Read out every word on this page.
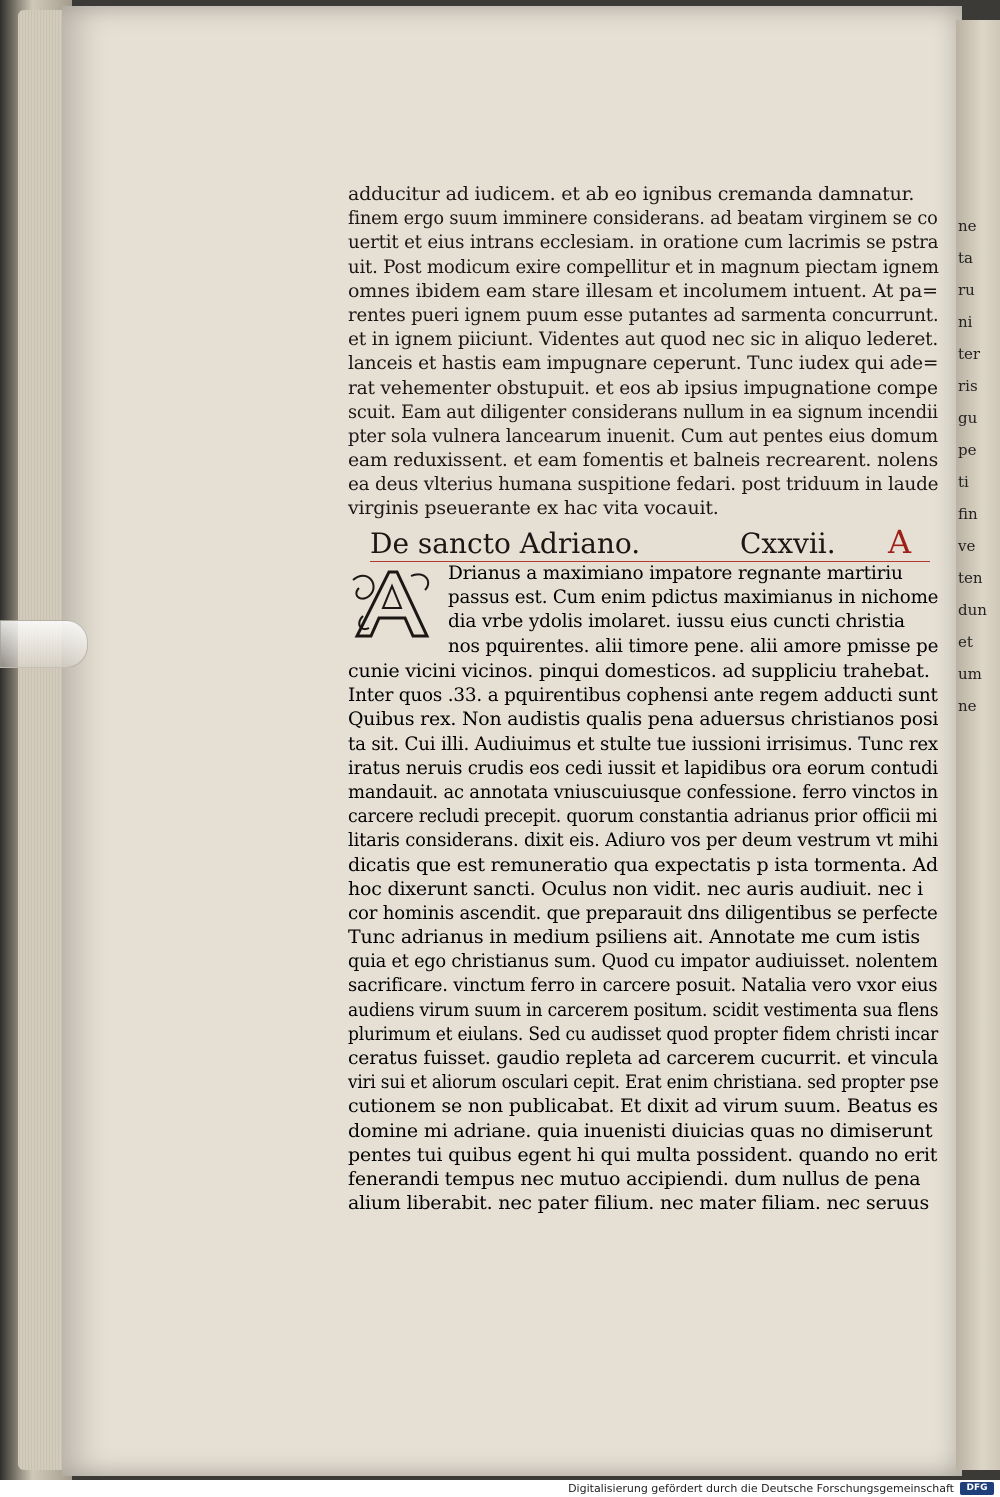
ne
ta
ru
ni
ter
ris
gu
pe
ti
fin
ve
ten
dun
et
um
ne
adducitur ad iudicem. et ab eo ignibus cremanda damnatur.
finem ergo suum imminere considerans. ad beatam virginem se co
uertit et eius intrans ecclesiam. in oratione cum lacrimis se pstra
uit. Post modicum exire compellitur et in magnum piectam ignem
omnes ibidem eam stare illesam et incolumem intuent. At pa=
rentes pueri ignem puum esse putantes ad sarmenta concurrunt.
et in ignem piiciunt. Videntes aut quod nec sic in aliquo lederet.
lanceis et hastis eam impugnare ceperunt. Tunc iudex qui ade=
rat vehementer obstupuit. et eos ab ipsius impugnatione compe
scuit. Eam aut diligenter considerans nullum in ea signum incendii
pter sola vulnera lancearum inuenit. Cum aut pentes eius domum
eam reduxissent. et eam fomentis et balneis recrearent. nolens
ea deus vlterius humana suspitione fedari. post triduum in laude
virginis pseuerante ex hac vita vocauit.
De sancto Adriano.	Cxxvii. A
Drianus a maximiano impatore regnante martiriu
passus est. Cum enim pdictus maximianus in nichome
dia vrbe ydolis imolaret. iussu eius cuncti christia
nos pquirentes. alii timore pene. alii amore pmisse pe
cunie vicini vicinos. pinqui domesticos. ad suppliciu trahebat.
Inter quos .33. a pquirentibus cophensi ante regem adducti sunt
Quibus rex. Non audistis qualis pena aduersus christianos posi
ta sit. Cui illi. Audiuimus et stulte tue iussioni irrisimus. Tunc rex
iratus neruis crudis eos cedi iussit et lapidibus ora eorum contudi
mandauit. ac annotata vniuscuiusque confessione. ferro vinctos in
carcere recludi precepit. quorum constantia adrianus prior officii mi
litaris considerans. dixit eis. Adiuro vos per deum vestrum vt mihi
dicatis que est remuneratio qua expectatis p ista tormenta. Ad
hoc dixerunt sancti. Oculus non vidit. nec auris audiuit. nec i
cor hominis ascendit. que preparauit dns diligentibus se perfecte
Tunc adrianus in medium psiliens ait. Annotate me cum istis
quia et ego christianus sum. Quod cu impator audiuisset. nolentem
sacrificare. vinctum ferro in carcere posuit. Natalia vero vxor eius
audiens virum suum in carcerem positum. scidit vestimenta sua flens
plurimum et eiulans. Sed cu audisset quod propter fidem christi incar
ceratus fuisset. gaudio repleta ad carcerem cucurrit. et vincula
viri sui et aliorum osculari cepit. Erat enim christiana. sed propter pse
cutionem se non publicabat. Et dixit ad virum suum. Beatus es
domine mi adriane. quia inuenisti diuicias quas no dimiserunt
pentes tui quibus egent hi qui multa possident. quando no erit
fenerandi tempus nec mutuo accipiendi. dum nullus de pena
alium liberabit. nec pater filium. nec mater filiam. nec seruus
Digitalisierung gefördert durch die Deutsche Forschungsgemeinschaft	DFG
